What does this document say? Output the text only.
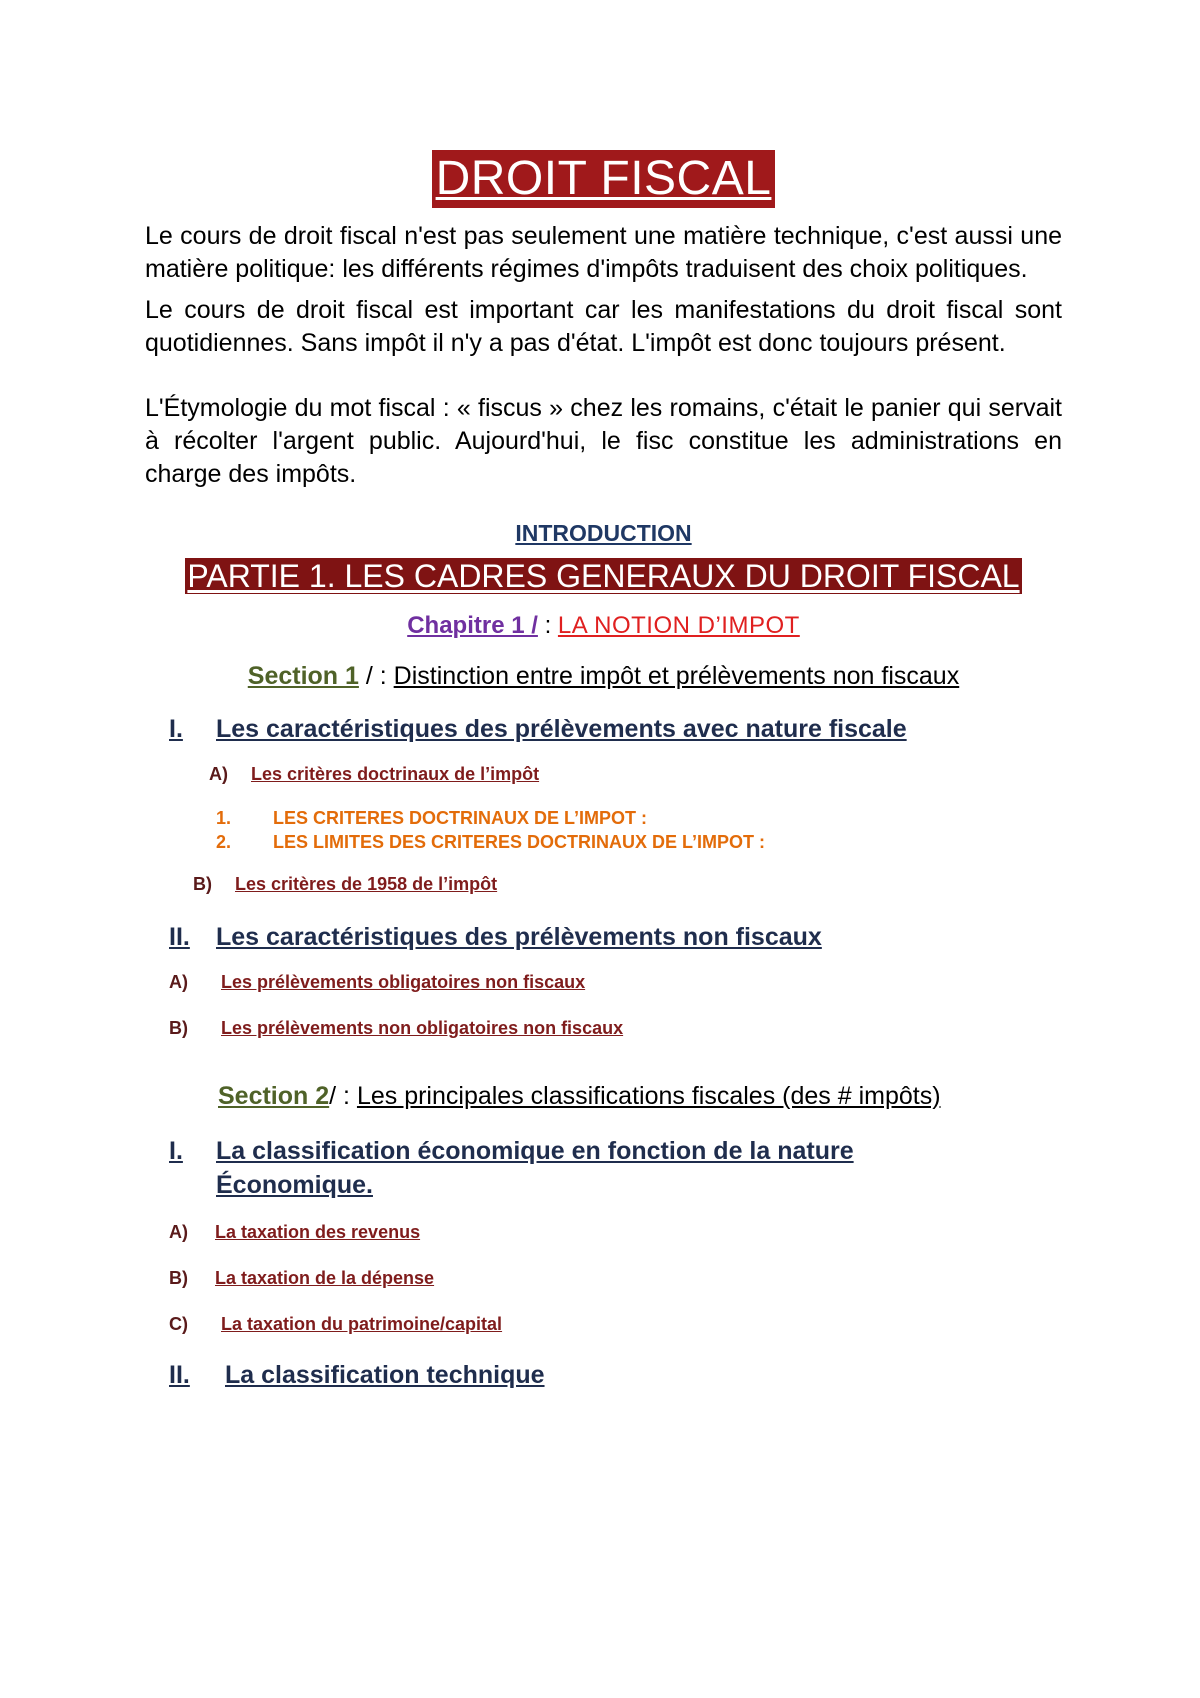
DROIT FISCAL

Le cours de droit fiscal n'est pas seulement une matière technique, c'est aussi une matière politique: les différents régimes d'impôts traduisent des choix politiques.

Le cours de droit fiscal est important car les manifestations du droit fiscal sont quotidiennes. Sans impôt il n'y a pas d'état. L'impôt est donc toujours présent.

L'Étymologie du mot fiscal : « fiscus » chez les romains, c'était le panier qui servait à récolter l'argent public. Aujourd'hui, le fisc constitue les administrations en charge des impôts.

INTRODUCTION
PARTIE 1. LES CADRES GENERAUX DU DROIT FISCAL
Chapitre 1 / : LA NOTION D’IMPOT
Section 1 / : Distinction entre impôt et prélèvements non fiscaux
I.	Les caractéristiques des prélèvements avec nature fiscale
A)	Les critères doctrinaux de l’impôt
1.	LES CRITERES DOCTRINAUX DE L’IMPOT :
2.	LES LIMITES DES CRITERES DOCTRINAUX DE L’IMPOT :
B)	Les critères de 1958 de l’impôt
II.	Les caractéristiques des prélèvements non fiscaux
A)	Les prélèvements obligatoires non fiscaux
B)	Les prélèvements non obligatoires non fiscaux
Section 2/ : Les principales classifications fiscales (des # impôts)
I.	La classification économique en fonction de la nature Économique.
A)	La taxation des revenus
B)	La taxation de la dépense
C)	La taxation du patrimoine/capital
II.	La classification technique
